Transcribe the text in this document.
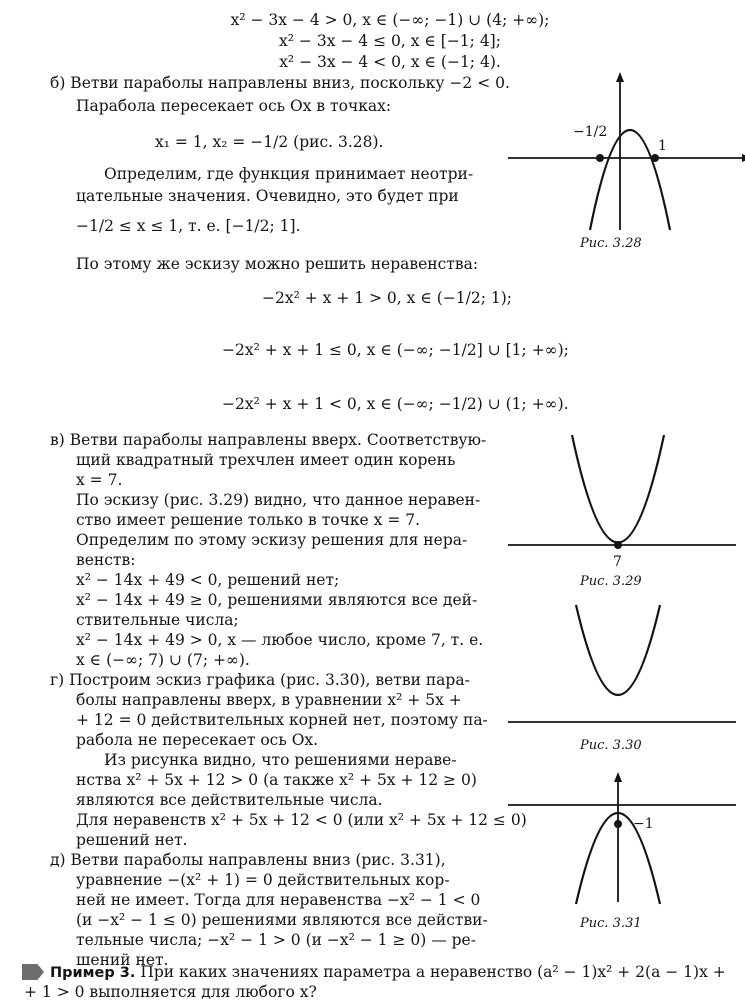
x² − 3x − 4 > 0, x ∈ (−∞; −1) ∪ (4; +∞);
x² − 3x − 4 ≤ 0, x ∈ [−1; 4];
x² − 3x − 4 < 0, x ∈ (−1; 4).
б) Ветви параболы направлены вниз, поскольку −2 < 0.
Парабола пересекает ось Ox в точках:
x₁ = 1, x₂ = −1/2 (рис. 3.28).
Определим, где функция принимает неотри-
цательные значения. Очевидно, это будет при
−1/2 ≤ x ≤ 1, т. е. [−1/2; 1].
По этому же эскизу можно решить неравенства:
−2x² + x + 1 > 0, x ∈ (−1/2; 1);
−2x² + x + 1 ≤ 0, x ∈ (−∞; −1/2] ∪ [1; +∞);
−2x² + x + 1 < 0, x ∈ (−∞; −1/2) ∪ (1; +∞).
в) Ветви параболы направлены вверх. Соответствую-
щий квадратный трехчлен имеет один корень
x = 7.
По эскизу (рис. 3.29) видно, что данное неравен-
ство имеет решение только в точке x = 7.
Определим по этому эскизу решения для нера-
венств:
x² − 14x + 49 < 0, решений нет;
x² − 14x + 49 ≥ 0, решениями являются все дей-
ствительные числа;
x² − 14x + 49 > 0, x — любое число, кроме 7, т. е.
x ∈ (−∞; 7) ∪ (7; +∞).
г) Построим эскиз графика (рис. 3.30), ветви пара-
болы направлены вверх, в уравнении x² + 5x +
+ 12 = 0 действительных корней нет, поэтому па-
рабола не пересекает ось Ox.
Из рисунка видно, что решениями нераве-
нства x² + 5x + 12 > 0 (а также x² + 5x + 12 ≥ 0)
являются все действительные числа.
Для неравенств x² + 5x + 12 < 0 (или x² + 5x + 12 ≤ 0)
решений нет.
д) Ветви параболы направлены вниз (рис. 3.31),
уравнение −(x² + 1) = 0 действительных кор-
ней не имеет. Тогда для неравенства −x² − 1 < 0
(и −x² − 1 ≤ 0) решениями являются все действи-
тельные числа; −x² − 1 > 0 (и −x² − 1 ≥ 0) — ре-
шений нет.
Пример 3. При каких значениях параметра a неравенство (a² − 1)x² + 2(a − 1)x +
+ 1 > 0 выполняется для любого x?
−1/2
1
Рис. 3.28
7
Рис. 3.29
Рис. 3.30
−1
Рис. 3.31
